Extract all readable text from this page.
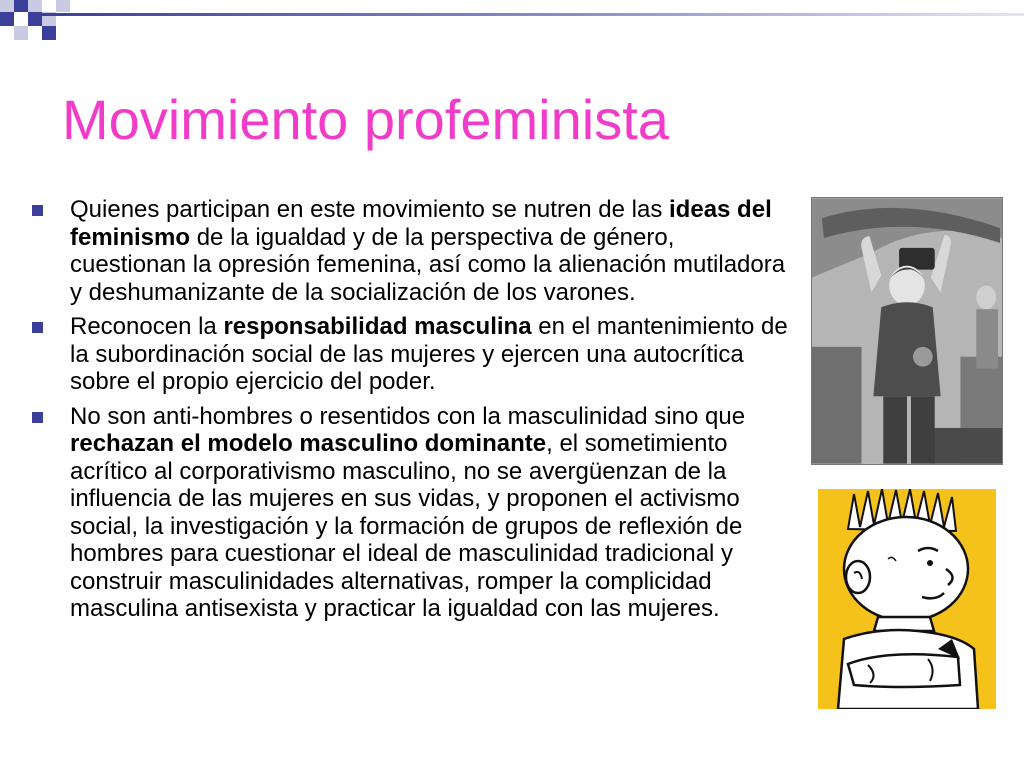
Movimiento profeminista
Quienes participan en este movimiento se nutren de las ideas del feminismo de la igualdad y de la perspectiva de género, cuestionan la opresión femenina, así como la alienación mutiladora y deshumanizante de la socialización de los varones.
Reconocen la responsabilidad masculina en el mantenimiento de la subordinación social de las mujeres y ejercen una autocrítica sobre el propio ejercicio del poder.
No son anti-hombres o resentidos con la masculinidad sino que rechazan el modelo masculino dominante, el sometimiento acrítico al corporativismo masculino, no se avergüenzan de la influencia de las mujeres en sus vidas, y proponen el activismo social, la investigación y la formación de grupos de reflexión de hombres para cuestionar el ideal de masculinidad tradicional y construir masculinidades alternativas, romper la complicidad masculina antisexista y practicar la igualdad con las mujeres.
